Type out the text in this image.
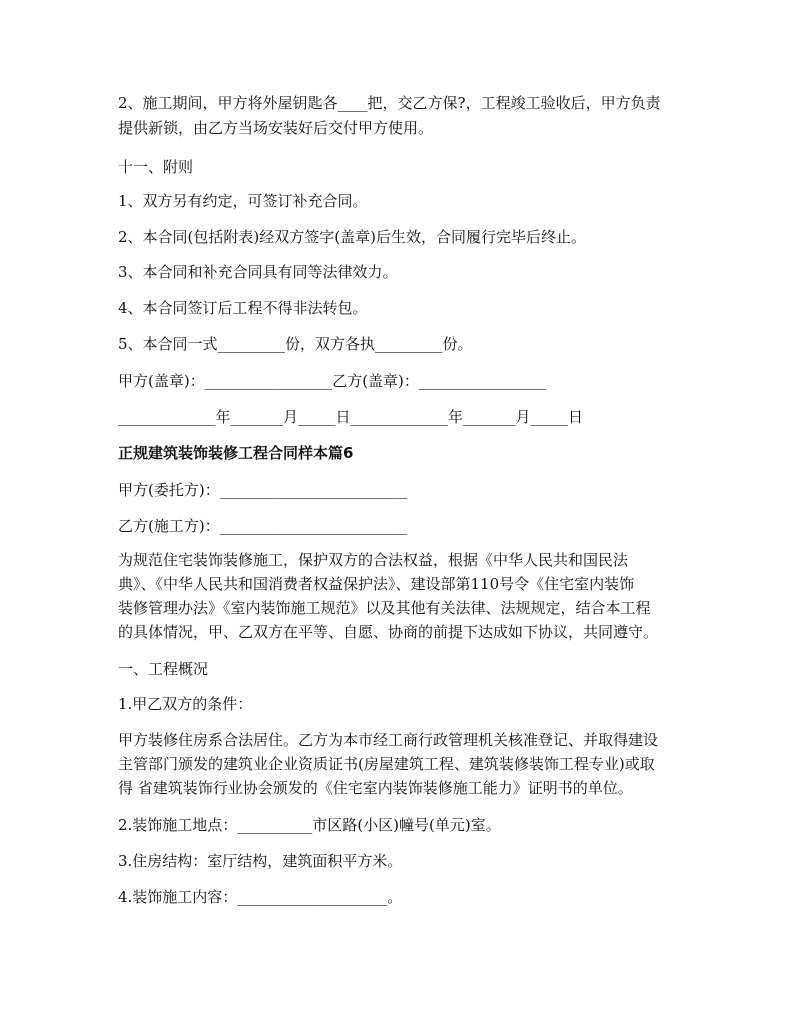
2、施工期间，甲方将外屋钥匙各____把，交乙方保?，工程竣工验收后，甲方负责
提供新锁，由乙方当场安装好后交付甲方使用。
十一、附则
1、双方另有约定，可签订补充合同。
2、本合同(包括附表)经双方签字(盖章)后生效，合同履行完毕后终止。
3、本合同和补充合同具有同等法律效力。
4、本合同签订后工程不得非法转包。
5、本合同一式_________份，双方各执_________份。
甲方(盖章)：_________________乙方(盖章)：_________________
_____________年_______月_____日_____________年_______月_____日
正规建筑装饰装修工程合同样本篇6
甲方(委托方)：_________________________
乙方(施工方)：_________________________
为规范住宅装饰装修施工，保护双方的合法权益，根据《中华人民共和国民法
典》、《中华人民共和国消费者权益保护法》、建设部第110号令《住宅室内装饰
装修管理办法》《室内装饰施工规范》以及其他有关法律、法规规定，结合本工程
的具体情况，甲、乙双方在平等、自愿、协商的前提下达成如下协议，共同遵守。
一、工程概况
1.甲乙双方的条件：
甲方装修住房系合法居住。乙方为本市经工商行政管理机关核准登记、并取得建设
主管部门颁发的建筑业企业资质证书(房屋建筑工程、建筑装修装饰工程专业)或取
得 省建筑装饰行业协会颁发的《住宅室内装饰装修施工能力》证明书的单位。
2.装饰施工地点：__________市区路(小区)幢号(单元)室。
3.住房结构：室厅结构，建筑面积平方米。
4.装饰施工内容：____________________。
